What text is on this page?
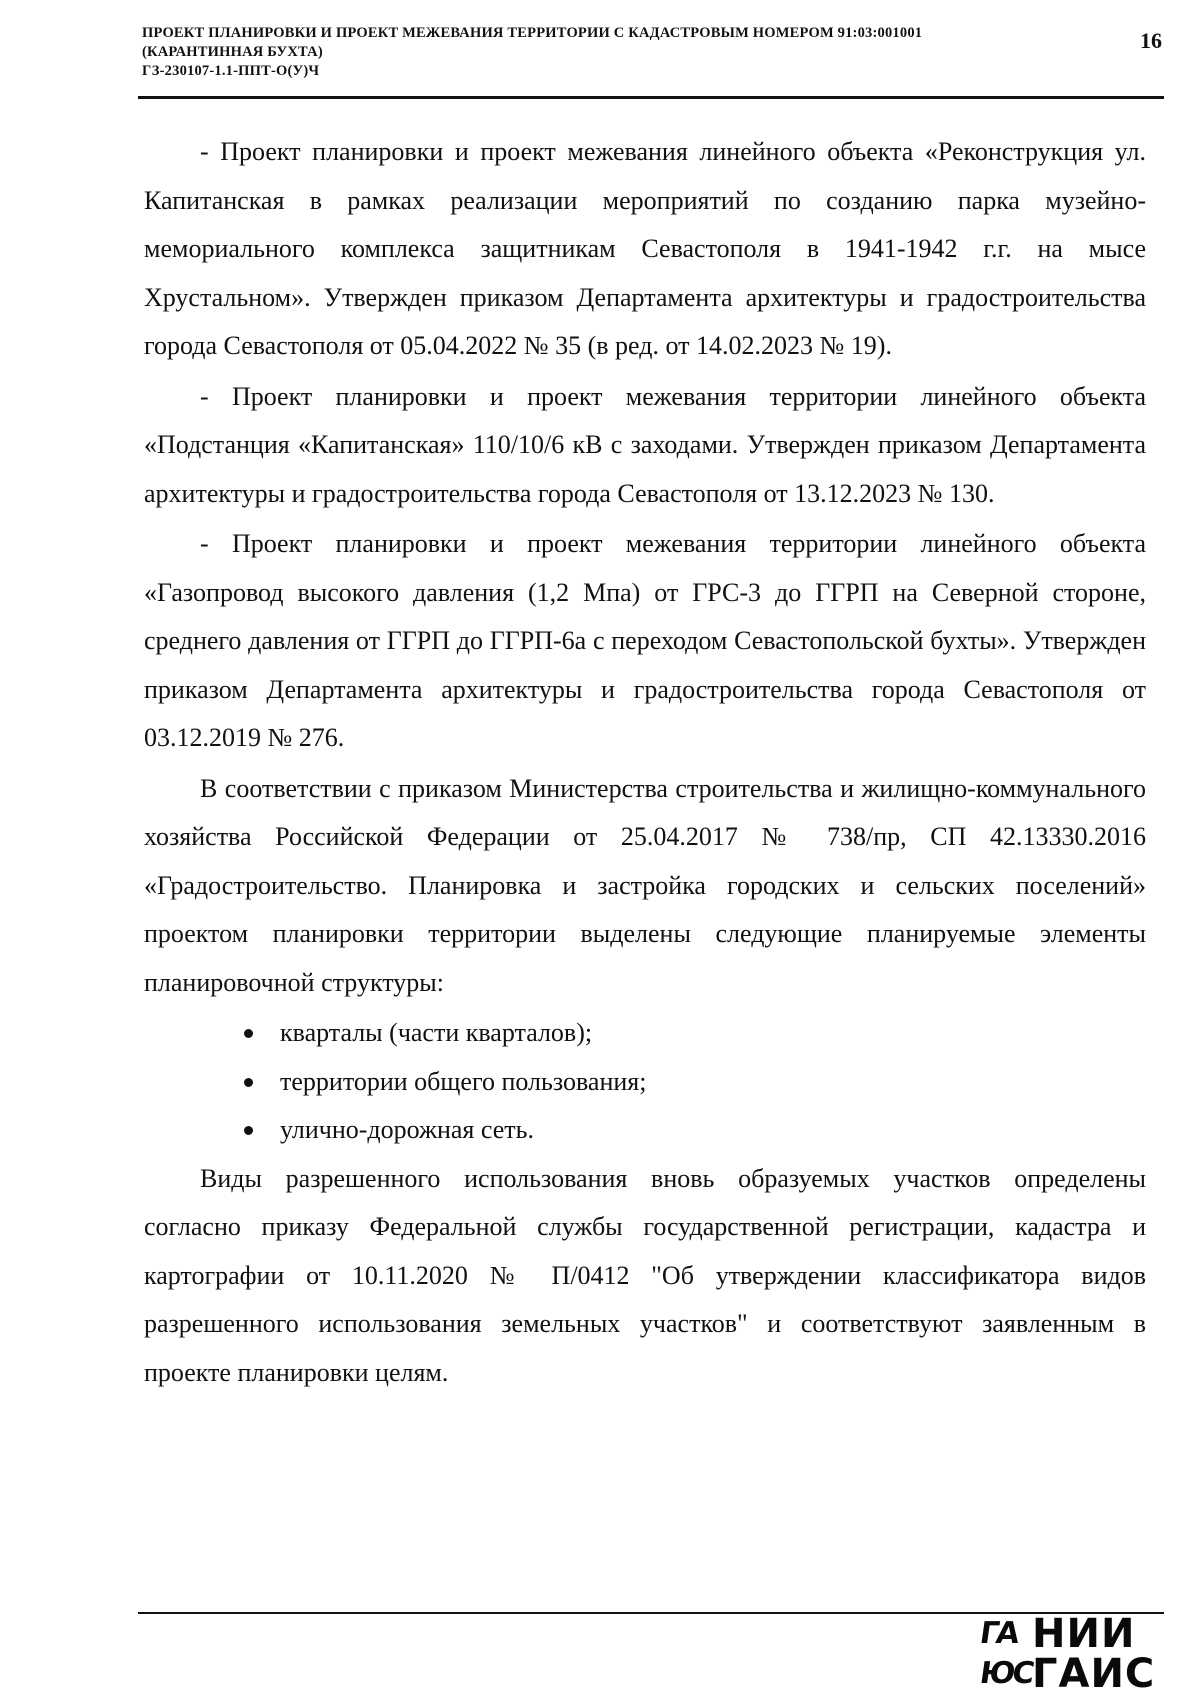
ПРОЕКТ ПЛАНИРОВКИ И ПРОЕКТ МЕЖЕВАНИЯ ТЕРРИТОРИИ С КАДАСТРОВЫМ НОМЕРОМ 91:03:001001
(КАРАНТИННАЯ БУХТА)
ГЗ-230107-1.1-ППТ-О(У)Ч
16

- Проект планировки и проект межевания линейного объекта «Реконструкция ул. Капитанская в рамках реализации мероприятий по созданию парка музейно-мемориального комплекса защитникам Севастополя в 1941-1942 г.г. на мысе Хрустальном». Утвержден приказом Департамента архитектуры и градостроительства города Севастополя от 05.04.2022 № 35 (в ред. от 14.02.2023 № 19).

- Проект планировки и проект межевания территории линейного объекта «Подстанция «Капитанская» 110/10/6 кВ с заходами. Утвержден приказом Департамента архитектуры и градостроительства города Севастополя от 13.12.2023 № 130.

- Проект планировки и проект межевания территории линейного объекта «Газопровод высокого давления (1,2 Мпа) от ГРС-3 до ГГРП на Северной стороне, среднего давления от ГГРП до ГГРП-6а с переходом Севастопольской бухты». Утвержден приказом Департамента архитектуры и градостроительства города Севастополя от 03.12.2019 № 276.

В соответствии с приказом Министерства строительства и жилищно-коммунального хозяйства Российской Федерации от 25.04.2017 № 738/пр, СП 42.13330.2016 «Градостроительство. Планировка и застройка городских и сельских поселений» проектом планировки территории выделены следующие планируемые элементы планировочной структуры:

кварталы (части кварталов);
территории общего пользования;
улично-дорожная сеть.

Виды разрешенного использования вновь образуемых участков определены согласно приказу Федеральной службы государственной регистрации, кадастра и картографии от 10.11.2020 № П/0412 "Об утверждении классификатора видов разрешенного использования земельных участков" и соответствуют заявленным в проекте планировки целям.

ГА НИИ
ЮС
ГАИС
